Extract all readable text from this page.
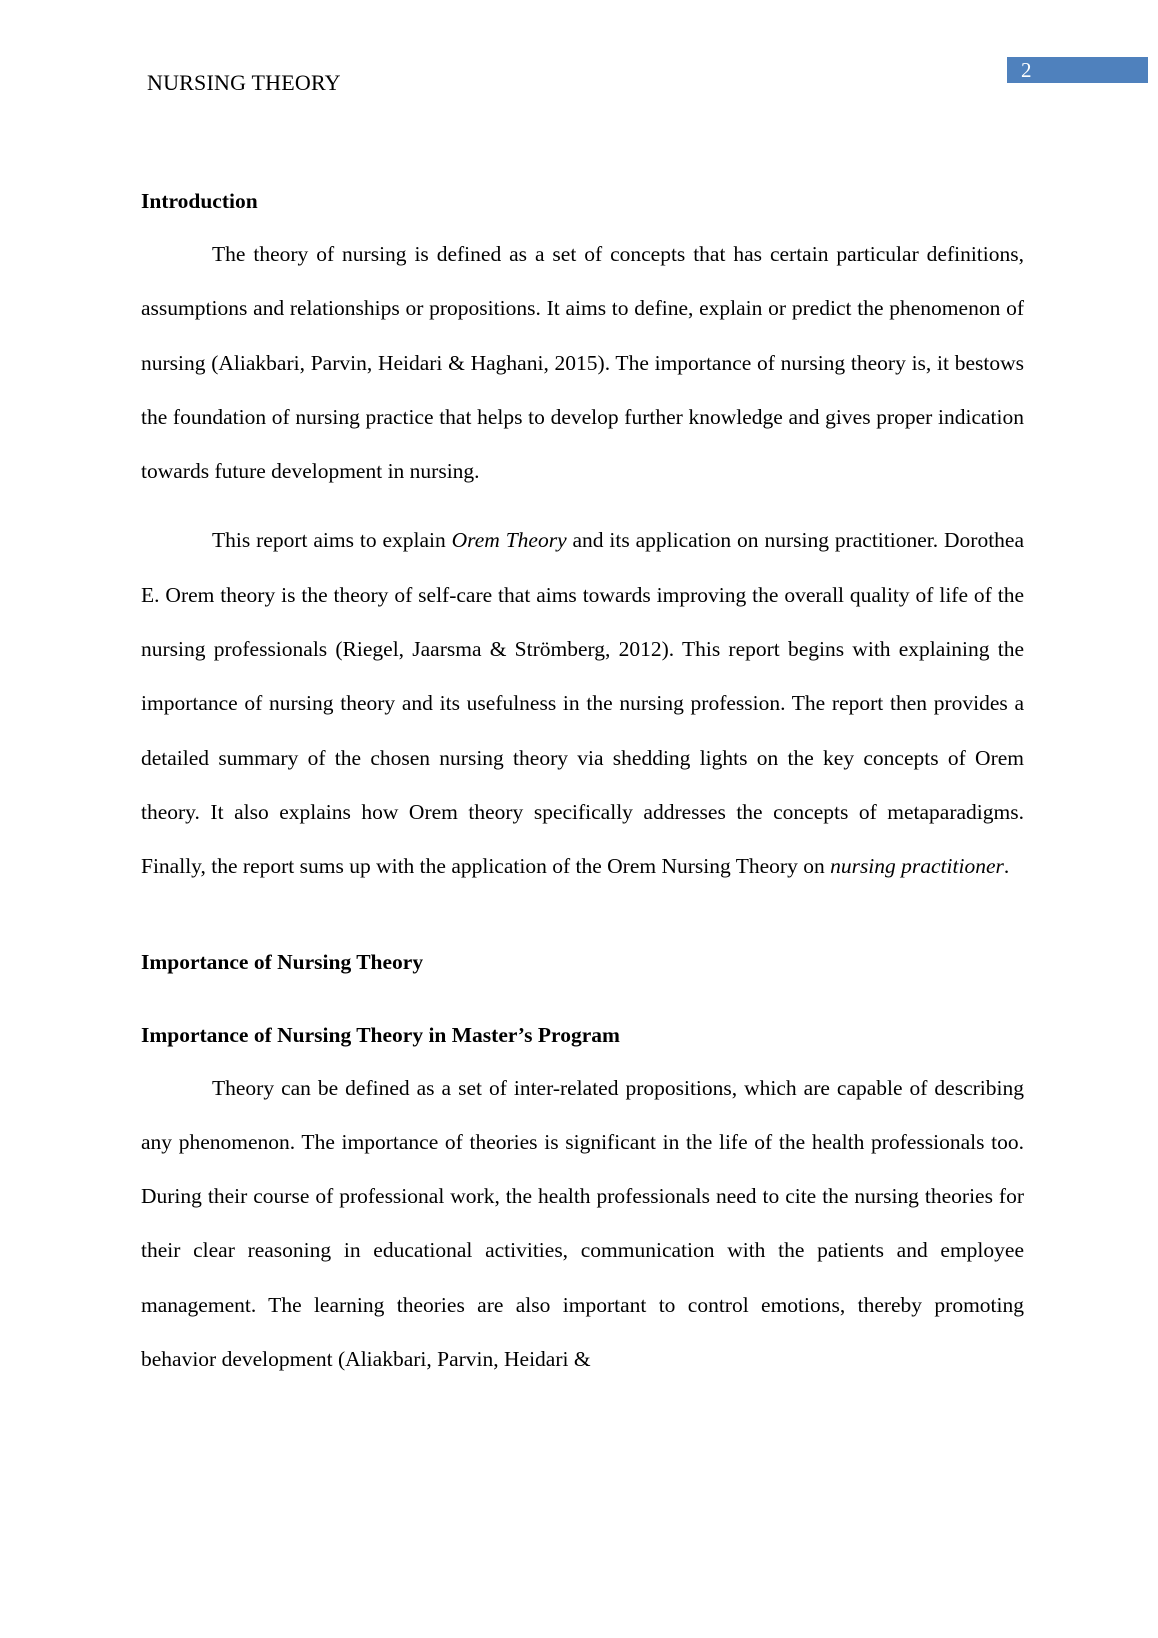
NURSING THEORY	2
Introduction

The theory of nursing is defined as a set of concepts that has certain particular definitions, assumptions and relationships or propositions. It aims to define, explain or predict the phenomenon of nursing (Aliakbari, Parvin, Heidari & Haghani, 2015). The importance of nursing theory is, it bestows the foundation of nursing practice that helps to develop further knowledge and gives proper indication towards future development in nursing.

This report aims to explain Orem Theory and its application on nursing practitioner. Dorothea E. Orem theory is the theory of self-care that aims towards improving the overall quality of life of the nursing professionals (Riegel, Jaarsma & Strömberg, 2012). This report begins with explaining the importance of nursing theory and its usefulness in the nursing profession. The report then provides a detailed summary of the chosen nursing theory via shedding lights on the key concepts of Orem theory. It also explains how Orem theory specifically addresses the concepts of metaparadigms. Finally, the report sums up with the application of the Orem Nursing Theory on nursing practitioner.

Importance of Nursing Theory
Importance of Nursing Theory in Master’s Program

Theory can be defined as a set of inter-related propositions, which are capable of describing any phenomenon. The importance of theories is significant in the life of the health professionals too. During their course of professional work, the health professionals need to cite the nursing theories for their clear reasoning in educational activities, communication with the patients and employee management. The learning theories are also important to control emotions, thereby promoting behavior development (Aliakbari, Parvin, Heidari &
